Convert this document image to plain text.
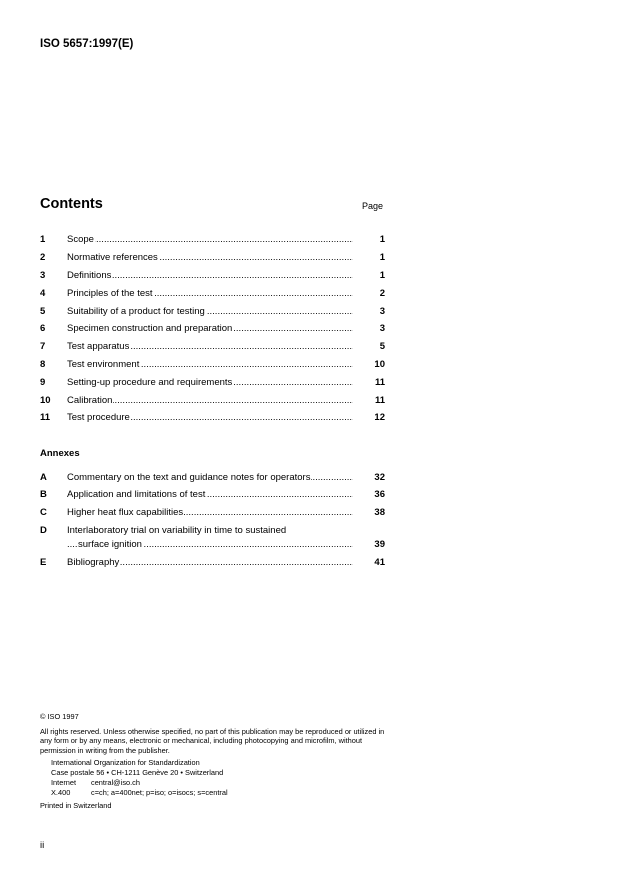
ISO 5657:1997(E)
Contents	Page
1 Scope .....	1
2 Normative references .....	1
3 Definitions .....	1
4 Principles of the test .....	2
5 Suitability of a product for testing .....	3
6 Specimen construction and preparation .....	3
7 Test apparatus .....	5
8 Test environment .....	10
9 Setting-up procedure and requirements .....	11
10 Calibration .....	11
11 Test procedure .....	12
Annexes
A Commentary on the text and guidance notes for operators .....	32
B Application and limitations of test .....	36
C Higher heat flux capabilities .....	38
D Interlaboratory trial on variability in time to sustained
surface ignition .....	39
E Bibliography .....	41
© ISO 1997
All rights reserved. Unless otherwise specified, no part of this publication may be reproduced or utilized in any form or by any means, electronic or mechanical, including photocopying and microfilm, without permission in writing from the publisher.
International Organization for Standardization
Case postale 56 • CH-1211 Genève 20 • Switzerland
Internet central@iso.ch
X.400	c=ch; a=400net; p=iso; o=isocs; s=central
Printed in Switzerland
ii
